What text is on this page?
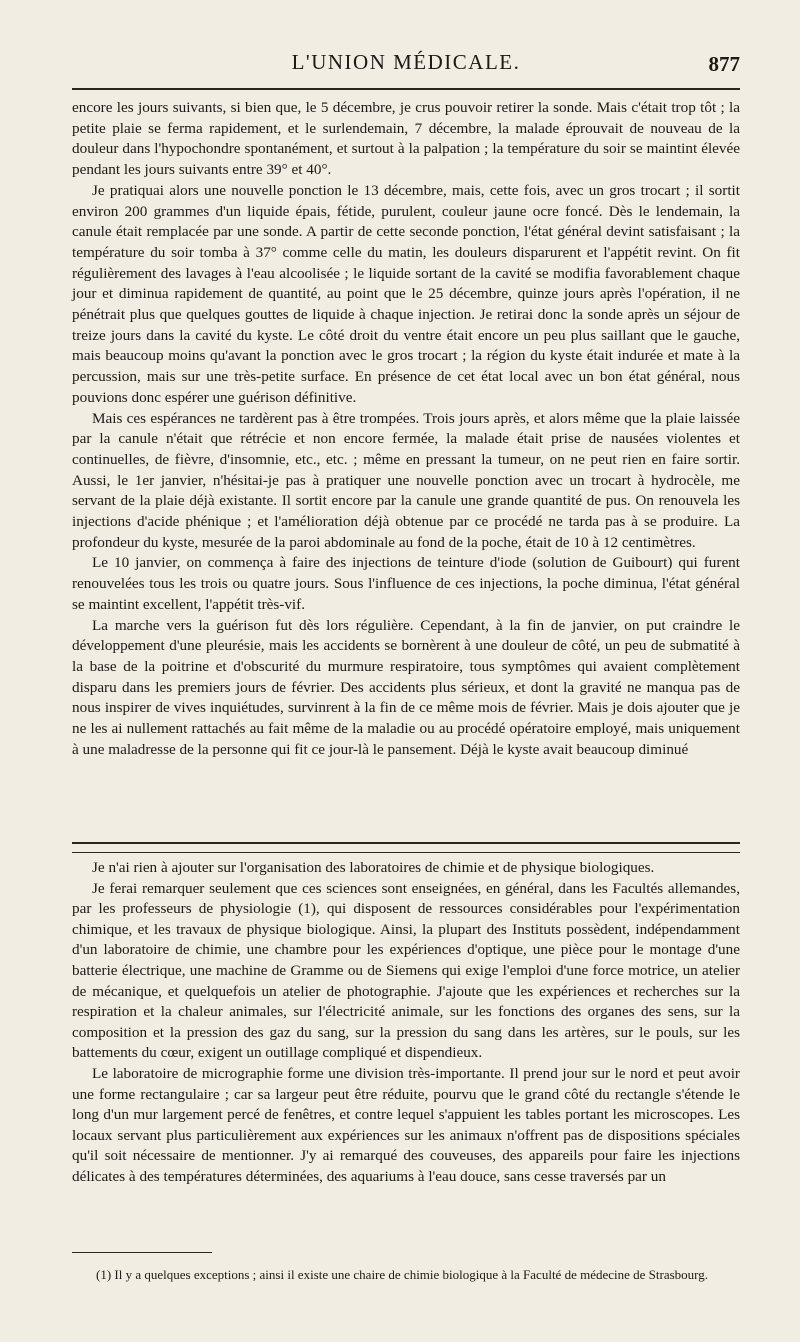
L'UNION MÉDICALE.	877

encore les jours suivants, si bien que, le 5 décembre, je crus pouvoir retirer la sonde. Mais c'était trop tôt ; la petite plaie se ferma rapidement, et le surlendemain, 7 décembre, la malade éprouvait de nouveau de la douleur dans l'hypochondre spontanément, et surtout à la palpation ; la température du soir se maintint élevée pendant les jours suivants entre 39° et 40°.

Je pratiquai alors une nouvelle ponction le 13 décembre, mais, cette fois, avec un gros trocart ; il sortit environ 200 grammes d'un liquide épais, fétide, purulent, couleur jaune ocre foncé. Dès le lendemain, la canule était remplacée par une sonde. A partir de cette seconde ponction, l'état général devint satisfaisant ; la température du soir tomba à 37° comme celle du matin, les douleurs disparurent et l'appétit revint. On fit régulièrement des lavages à l'eau alcoolisée ; le liquide sortant de la cavité se modifia favorablement chaque jour et diminua rapidement de quantité, au point que le 25 décembre, quinze jours après l'opération, il ne pénétrait plus que quelques gouttes de liquide à chaque injection. Je retirai donc la sonde après un séjour de treize jours dans la cavité du kyste. Le côté droit du ventre était encore un peu plus saillant que le gauche, mais beaucoup moins qu'avant la ponction avec le gros trocart ; la région du kyste était indurée et mate à la percussion, mais sur une très-petite surface. En présence de cet état local avec un bon état général, nous pouvions donc espérer une guérison définitive.

Mais ces espérances ne tardèrent pas à être trompées. Trois jours après, et alors même que la plaie laissée par la canule n'était que rétrécie et non encore fermée, la malade était prise de nausées violentes et continuelles, de fièvre, d'insomnie, etc., etc. ; même en pressant la tumeur, on ne peut rien en faire sortir. Aussi, le 1er janvier, n'hésitai-je pas à pratiquer une nouvelle ponction avec un trocart à hydrocèle, me servant de la plaie déjà existante. Il sortit encore par la canule une grande quantité de pus. On renouvela les injections d'acide phénique ; et l'amélioration déjà obtenue par ce procédé ne tarda pas à se produire. La profondeur du kyste, mesurée de la paroi abdominale au fond de la poche, était de 10 à 12 centimètres.

Le 10 janvier, on commença à faire des injections de teinture d'iode (solution de Guibourt) qui furent renouvelées tous les trois ou quatre jours. Sous l'influence de ces injections, la poche diminua, l'état général se maintint excellent, l'appétit très-vif.

La marche vers la guérison fut dès lors régulière. Cependant, à la fin de janvier, on put craindre le développement d'une pleurésie, mais les accidents se bornèrent à une douleur de côté, un peu de submatité à la base de la poitrine et d'obscurité du murmure respiratoire, tous symptômes qui avaient complètement disparu dans les premiers jours de février. Des accidents plus sérieux, et dont la gravité ne manqua pas de nous inspirer de vives inquiétudes, survinrent à la fin de ce même mois de février. Mais je dois ajouter que je ne les ai nullement rattachés au fait même de la maladie ou au procédé opératoire employé, mais uniquement à une maladresse de la personne qui fit ce jour-là le pansement. Déjà le kyste avait beaucoup diminué

Je n'ai rien à ajouter sur l'organisation des laboratoires de chimie et de physique biologiques.

Je ferai remarquer seulement que ces sciences sont enseignées, en général, dans les Facultés allemandes, par les professeurs de physiologie (1), qui disposent de ressources considérables pour l'expérimentation chimique, et les travaux de physique biologique. Ainsi, la plupart des Instituts possèdent, indépendamment d'un laboratoire de chimie, une chambre pour les expériences d'optique, une pièce pour le montage d'une batterie électrique, une machine de Gramme ou de Siemens qui exige l'emploi d'une force motrice, un atelier de mécanique, et quelquefois un atelier de photographie. J'ajoute que les expériences et recherches sur la respiration et la chaleur animales, sur l'électricité animale, sur les fonctions des organes des sens, sur la composition et la pression des gaz du sang, sur la pression du sang dans les artères, sur le pouls, sur les battements du cœur, exigent un outillage compliqué et dispendieux.

Le laboratoire de micrographie forme une division très-importante. Il prend jour sur le nord et peut avoir une forme rectangulaire ; car sa largeur peut être réduite, pourvu que le grand côté du rectangle s'étende le long d'un mur largement percé de fenêtres, et contre lequel s'appuient les tables portant les microscopes. Les locaux servant plus particulièrement aux expériences sur les animaux n'offrent pas de dispositions spéciales qu'il soit nécessaire de mentionner. J'y ai remarqué des couveuses, des appareils pour faire les injections délicates à des températures déterminées, des aquariums à l'eau douce, sans cesse traversés par un

(1) Il y a quelques exceptions ; ainsi il existe une chaire de chimie biologique à la Faculté de médecine de Strasbourg.
